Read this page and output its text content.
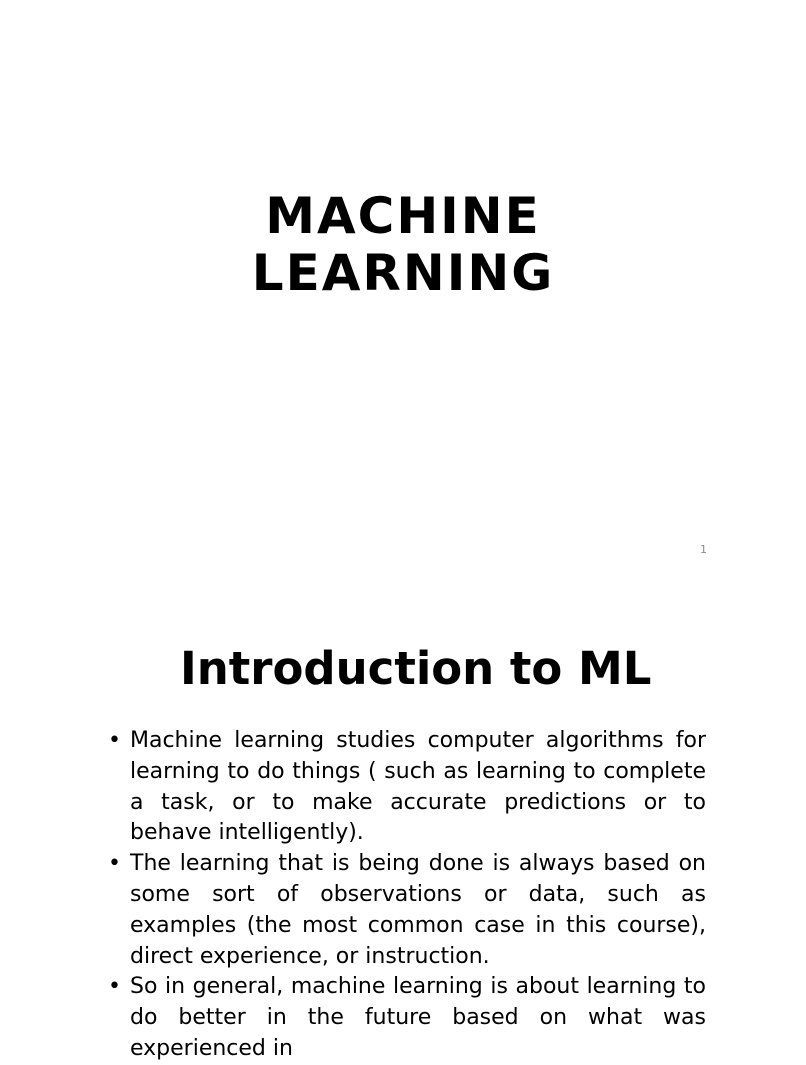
MACHINE
LEARNING
1
Introduction to ML
• Machine learning studies computer algorithms for learning to do things ( such as learning to complete a task, or to make accurate predictions or to behave intelligently).
• The learning that is being done is always based on some sort of observations or data, such as examples (the most common case in this course), direct experience, or instruction.
• So in general, machine learning is about learning to do better in the future based on what was experienced in
